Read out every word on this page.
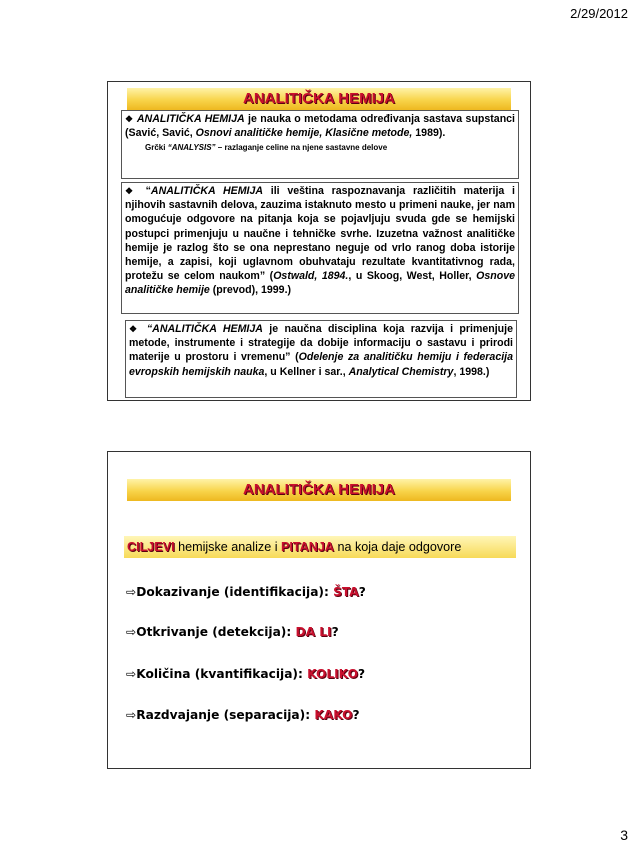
2/29/2012
ANALITIČKA HEMIJA
❖ ANALITIČKA HEMIJA je nauka o metodama određivanja sastava supstanci (Savić, Savić, Osnovi analitičke hemije, Klasične metode, 1989).
Grčki “ANALYSIS” – razlaganje celine na njene sastavne delove
❖ “ANALITIČKA HEMIJA ili veština raspoznavanja različitih materija i njihovih sastavnih delova, zauzima istaknuto mesto u primeni nauke, jer nam omogućuje odgovore na pitanja koja se pojavljuju svuda gde se hemijski postupci primenjuju u naučne i tehničke svrhe. Izuzetna važnost analitičke hemije je razlog što se ona neprestano neguje od vrlo ranog doba istorije hemije, a zapisi, koji uglavnom obuhvataju rezultate kvantitativnog rada, protežu se celom naukom” (Ostwald, 1894., u Skoog, West, Holler, Osnove analitičke hemije (prevod), 1999.)
❖ “ANALITIČKA HEMIJA je naučna disciplina koja razvija i primenjuje metode, instrumente i strategije da dobije informaciju o sastavu i prirodi materije u prostoru i vremenu” (Odelenje za analitičku hemiju i federacija evropskih hemijskih nauka, u Kellner i sar., Analytical Chemistry, 1998.)
ANALITIČKA HEMIJA
CILJEVI hemijske analize i PITANJA na koja daje odgovore
⇨Dokazivanje (identifikacija): ŠTA?
⇨Otkrivanje (detekcija): DA LI?
⇨Količina (kvantifikacija): KOLIKO?
⇨Razdvajanje (separacija): KAKO?
3
